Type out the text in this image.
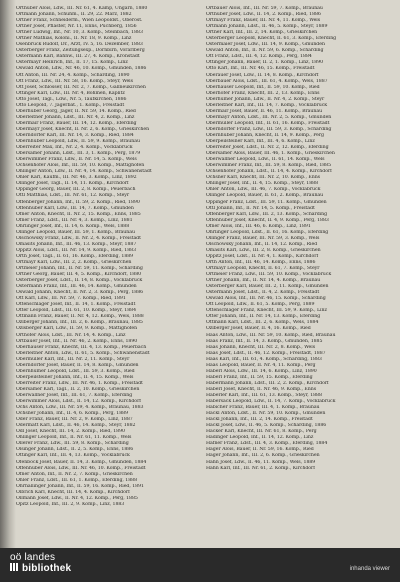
Orthuber Alois, Ldw., III. Nr. 61, 4. Kamp, Ungarn, 1880
Ortmann Johann, Schuhm., II. 29, 22. Marz, 1882
Ortner Franz, Schneiderm., Wien Leopoldst., Oberöst.
Ortner Josef, Pflaster, Nr. 11, Enns, Puchberg, 1856
Ortner Ludwig, Inf., Nr. 10, 3. Komp., Steinbach, 1883
Ortner Mathias, Koloni., II. Nr. 18, 9. Komp., Linz
Osenbruck Rudolf, Dr., Arzt, IV. 5, 16. Dezember, 1883
Osterberger Franz, Zeitungsexp., Dornbirn, Vorarlberg
Ostermann Karl, Bahnw., III. 27, 4. Komp., Kronstadt
Ostermayr Heinrich, Inf., II. 17, 15. Komp., Linz
Oswald Anton, Ldw., Nr. 46, 10. Komp., Gmunden, 1886
Ott Anton, III. Nr. 24, 4. Komp., Schärding, 1890
Ott Franz, Ldw., III. Nr. 58, 16. Komp., Steyr, Wels
Ott Josef, Schlosser, III. Nr. 2, 7. Komp., Gallneukirchen
Ottinger Karl, Ldw., III. Nr. 4, Böhmen, Kaplitz
Otto Josef, Tagl., Ldw., Nr. 5, Taufkirchen, 1886
Otto Leopold, 7. Jägerbat., 1. Komp., Freistadt
Oberhuber Georg, Jäger, II. Nr. 59, 14. Komp., Ried
Oberleitner Johann, Ldst., III. Nr. 4, 2. Komp., Linz
Obermair Franz, Bauer, III. 14, 12. Komp., Eferding
Obermayr Josef, Knecht, II. Nr. 2, 6. Komp., Grieskirchen
Oberndorfer Karl, III. Nr. 14, 3. Komp., Ried, 1884
Obernhuber Leopold, Ldw., II. 59, 9. Komp., Braunau
Oberreiter Max, Inf., Nr. 2, 4. Komp., Vöcklabruck
Obersamer Johann, Ldst., III. 3, 1. Komp., Perg, 1879
Oberwimmer Franz, Ldw., II. Nr. 14, 5. Komp., Wels
Ochsenhofer Alois, Inf., III. 59, 10. Komp., Mattighofen
Öhlinger Anton, Ldw., II. Nr. 4, 14. Komp., Schwanenstadt
Öhler Karl, Kaufm., III. Nr. 46, 3. Komp., Linz, 1892
Öllinger Josef, Tagl., II. 14, 11. Komp., Kirchdorf
Öppinger Georg, Bauer, III. 2, 8. Komp., Peuerbach
Öttl Matthias, Ldst., III. Nr. 61, 12. Komp., Steyr
Offenberger Johann, Inf., II. 59, 2. Komp., Ried, 1890
Offenhuber Karl, Ldw., III. 14, 7. Komp., Gmunden
Ofner Anton, Knecht, II. Nr. 2, 15. Komp., Enns, 1885
Ofner Franz, Ldst., III. Nr. 4, 3. Komp., Linz, 1881
Ohrlinger Josef, Inf., II. 14, 6. Komp., Wels, 1888
Ollinger Leopold, Bauer, III. 59, 1. Komp., Braunau
Olschowsky Franz, Ldw., II. Nr. 2, 4. Komp., Freistadt
Omasits Johann, Inf., III. 46, 13. Komp., Steyr, 1887
Oppitz Alois, Ldst., III. Nr. 14, 9. Komp., Ried, 1883
Orth Josef, Tagl., II. 61, 16. Komp., Eferding, 1889
Ortmayr Karl, Ldw., III. 2, 2. Komp., Grieskirchen
Ortmeier Johann, Inf., II. Nr. 59, 11. Komp., Schärding
Ortner Georg, Bauer, III. 4, 5. Komp., Kirchdorf, 1880
Osterberger Josef, Ldst., II. 14, 8. Komp., Vöcklabruck
Ostermann Franz, Inf., III. 46, 14. Komp., Gmunden
Oswald Johann, Knecht, II. Nr. 2, 3. Komp., Perg, 1886
Ott Karl, Ldw., III. Nr. 59, 7. Komp., Ried, 1891
Ottenschläger Josef, Inf., II. 14, 1. Komp., Freistadt
Otter Leopold, Ldst., III. 61, 10. Komp., Steyr, 1884
Ottmann Franz, Bauer, II. Nr. 4, 12. Komp., Wels, 1888
Ozlberger Johann, Inf., III. 2, 6. Komp., Braunau, 1885
Ozlsberger Karl, Ldw., II. 59, 9. Komp., Mattighofen
Orthofer Alois, Ldst., III. Nr. 14, 4. Komp., Linz
Ortbauer Josef, Inf., II. Nr. 46, 2. Komp., Enns, 1890
Oberhauser Franz, Knecht, III. 4, 13. Komp., Peuerbach
Oberleitner Anton, Ldw., II. 61, 5. Komp., Schwanenstadt
Obermüller Karl, Inf., III. Nr. 2, 11. Komp., Steyr
Oberndorfer Josef, Bauer, II. 14, 8. Komp., Gmunden
Obernhumer Leopold, Ldst., III. 59, 3. Komp., Ried
Oberpeilsteiner Johann, Inf., II. 4, 15. Komp., Wels
Oberreiter Franz, Ldw., III. Nr. 46, 1. Komp., Freistadt
Obersamer Karl, Tagl., II. 2, 10. Komp., Grieskirchen
Oberwallner Josef, Inf., III. 61, 7. Komp., Eferding
Oberwimmer Alois, Ldst., II. 14, 12. Komp., Kirchdorf
Ochs Anton, Ldw., III. Nr. 59, 4. Komp., Braunau, 1883
Ochsner Johann, Inf., II. 4, 6. Komp., Perg, 1889
Oder Franz, Bauer, III. Nr. 2, 9. Komp., Linz, 1887
Odermatt Karl, Ldst., II. 46, 14. Komp., Steyr, 1882
Ödl Josef, Knecht, III. 14, 2. Komp., Ried, 1890
Öhlinger Leopold, Inf., II. Nr. 61, 11. Komp., Wels
Öllerer Franz, Ldw., III. 59, 8. Komp., Schärding
Ölsinger Johann, Ldst., II. 2, 5. Komp., Enns, 1886
Öttinger Karl, Inf., III. 4, 13. Komp., Vöcklabruck
Ofenböck Josef, Bauer, II. 14, 3. Komp., Gmunden, 1884
Offenhuber Alois, Ldw., III. Nr. 46, 10. Komp., Freistadt
Ofner Anton, Inf., II. Nr. 2, 7. Komp., Grieskirchen
Ohler Franz, Ldst., III. 61, 1. Komp., Eferding, 1888
Ohrhallinger Johann, Inf., II. 59, 16. Komp., Ried, 1891
Olbrich Karl, Knecht, III. 14, 4. Komp., Kirchdorf
Ollmann Josef, Ldw., II. Nr. 4, 12. Komp., Perg, 1885
Opitz Leopold, Inf., III. 2, 9. Komp., Linz, 1883
Ortbauer Alois, Inf., III. Nr. 59, 7. Komp., Braunau
Orthuber Josef, Ldw., II. 14, 2. Komp., Ried, 1886
Ortmayr Franz, Bauer, III. Nr. 4, 11. Komp., Wels
Ortmann Johann, Ldst., II. 46, 5. Komp., Steyr, 1889
Ortner Karl, Inf., III. 2, 14. Komp., Grieskirchen
Osterberger Leopold, Knecht, II. 61, 3. Komp., Eferding
Ostermaier Josef, Ldw., III. 14, 9. Komp., Gmunden
Oswald Anton, Inf., II. Nr. 59, 6. Komp., Schärding
Ott Franz, Ldst., III. 4, 12. Komp., Perg, 1884
Ottinger Johann, Bauer, II. 2, 1. Komp., Linz, 1890
Otto Karl, Inf., III. Nr. 46, 15. Komp., Freistadt
Oberauer Josef, Ldw., II. 14, 8. Komp., Kirchdorf
Oberbauer Alois, Ldst., III. 61, 4. Komp., Wels, 1887
Oberhauser Leopold, Inf., II. 59, 10. Komp., Ried
Oberhofer Franz, Knecht, III. 2, 13. Komp., Enns
Oberhumer Johann, Ldw., II. Nr. 4, 2. Komp., Steyr
Oberleitner Karl, Inf., III. 14, 7. Komp., Vöcklabruck
Obermair Josef, Bauer, II. 46, 11. Komp., Braunau
Obermayr Anton, Ldst., III. Nr. 2, 5. Komp., Gmunden
Obermüller Leopold, Inf., II. 61, 16. Komp., Freistadt
Oberndorfer Franz, Ldw., III. 59, 3. Komp., Schärding
Obernhuber Johann, Knecht, II. 14, 9. Komp., Perg
Oberpeilsteiner Karl, Inf., III. 4, 6. Komp., Linz
Oberreiter Josef, Ldst., II. Nr. 2, 12. Komp., Eferding
Obersamer Alois, Bauer, III. 46, 1. Komp., Grieskirchen
Oberwallner Leopold, Ldw., II. 61, 14. Komp., Wels
Oberwimmer Franz, Inf., III. 59, 8. Komp., Ried, 1885
Ochsenhofer Johann, Ldst., II. 14, 4. Komp., Kirchdorf
Ochsner Karl, Knecht, III. Nr. 2, 10. Komp., Enns
Öhlinger Josef, Inf., II. 4, 15. Komp., Steyr, 1888
Öhler Anton, Ldw., III. 46, 7. Komp., Vöcklabruck
Öllinger Leopold, Bauer, II. 61, 2. Komp., Braunau
Öppinger Franz, Ldst., III. 59, 11. Komp., Gmunden
Öttl Johann, Inf., II. Nr. 14, 5. Komp., Freistadt
Offenberger Karl, Ldw., III. 2, 13. Komp., Schärding
Offenhuber Josef, Knecht, II. 4, 9. Komp., Perg, 1883
Ofner Alois, Inf., III. 46, 6. Komp., Linz, 1891
Ohrlinger Leopold, Ldst., II. 61, 16. Komp., Eferding
Ollinger Franz, Bauer, III. Nr. 59, 3. Komp., Wels
Olschowsky Johann, Inf., II. 14, 12. Komp., Ried
Omasits Karl, Ldw., III. 2, 8. Komp., Grieskirchen
Oppitz Josef, Ldst., II. Nr. 4, 1. Komp., Kirchdorf
Orth Anton, Inf., III. 46, 14. Komp., Enns, 1886
Ortmayr Leopold, Knecht, II. 61, 7. Komp., Steyr
Ortmeier Franz, Ldw., III. 59, 10. Komp., Vöcklabruck
Ortner Johann, Inf., II. Nr. 14, 4. Komp., Braunau
Osterberger Karl, Bauer, III. 2, 11. Komp., Gmunden
Ostermann Josef, Ldst., II. 4, 2. Komp., Freistadt
Oswald Alois, Inf., III. Nr. 46, 15. Komp., Schärding
Ott Leopold, Ldw., II. 61, 5. Komp., Perg, 1889
Ottenschläger Franz, Knecht, III. 59, 9. Komp., Linz
Otter Johann, Inf., II. Nr. 14, 13. Komp., Eferding
Ottmann Karl, Ldst., III. 2, 6. Komp., Wels, 1884
Ozlberger Josef, Bauer, II. 4, 16. Komp., Ried
Haas Anton, Ldw., III. Nr. 59, 10. Komp., Ried, Braunau
Haas Franz, Inf., II. 14, 3. Komp., Gmunden, 1885
Haas Johann, Knecht, III. Nr. 2, 8. Komp., Wels
Haas Josef, Ldst., II. 46, 12. Komp., Freistadt, 1887
Haas Karl, Inf., III. 61, 4. Komp., Schärding, 1883
Haas Leopold, Bauer, II. Nr. 4, 11. Komp., Perg
Haberl Alois, Ldw., III. 14, 6. Komp., Linz, 1890
Haberl Franz, Inf., II. 59, 15. Komp., Eferding
Habermann Johann, Ldst., III. 2, 2. Komp., Kirchdorf
Haberl Josef, Knecht, II. Nr. 46, 9. Komp., Enns
Haberler Karl, Inf., III. 61, 13. Komp., Steyr, 1888
Habersack Leopold, Ldw., II. 14, 7. Komp., Vöcklabruck
Habicher Franz, Bauer, III. 4, 1. Komp., Braunau
Hackl Anton, Ldst., II. Nr. 59, 10. Komp., Gmunden
Hackl Johann, Inf., III. 2, 14. Komp., Freistadt
Hackl Josef, Ldw., II. 46, 5. Komp., Schärding, 1886
Hacker Karl, Knecht, III. Nr. 61, 8. Komp., Perg
Hadinger Leopold, Inf., II. 14, 12. Komp., Linz
Hafner Franz, Ldst., III. 4, 3. Komp., Eferding, 1884
Hager Alois, Bauer, II. Nr. 59, 16. Komp., Ried
Hager Johann, Inf., III. 2, 6. Komp., Grieskirchen
Hahn Josef, Ldw., II. 46, 11. Komp., Wels, 1889
Hahn Karl, Inf., III. Nr. 61, 2. Komp., Kirchdorf
oö landes
bibliothek	inhanda viewer
